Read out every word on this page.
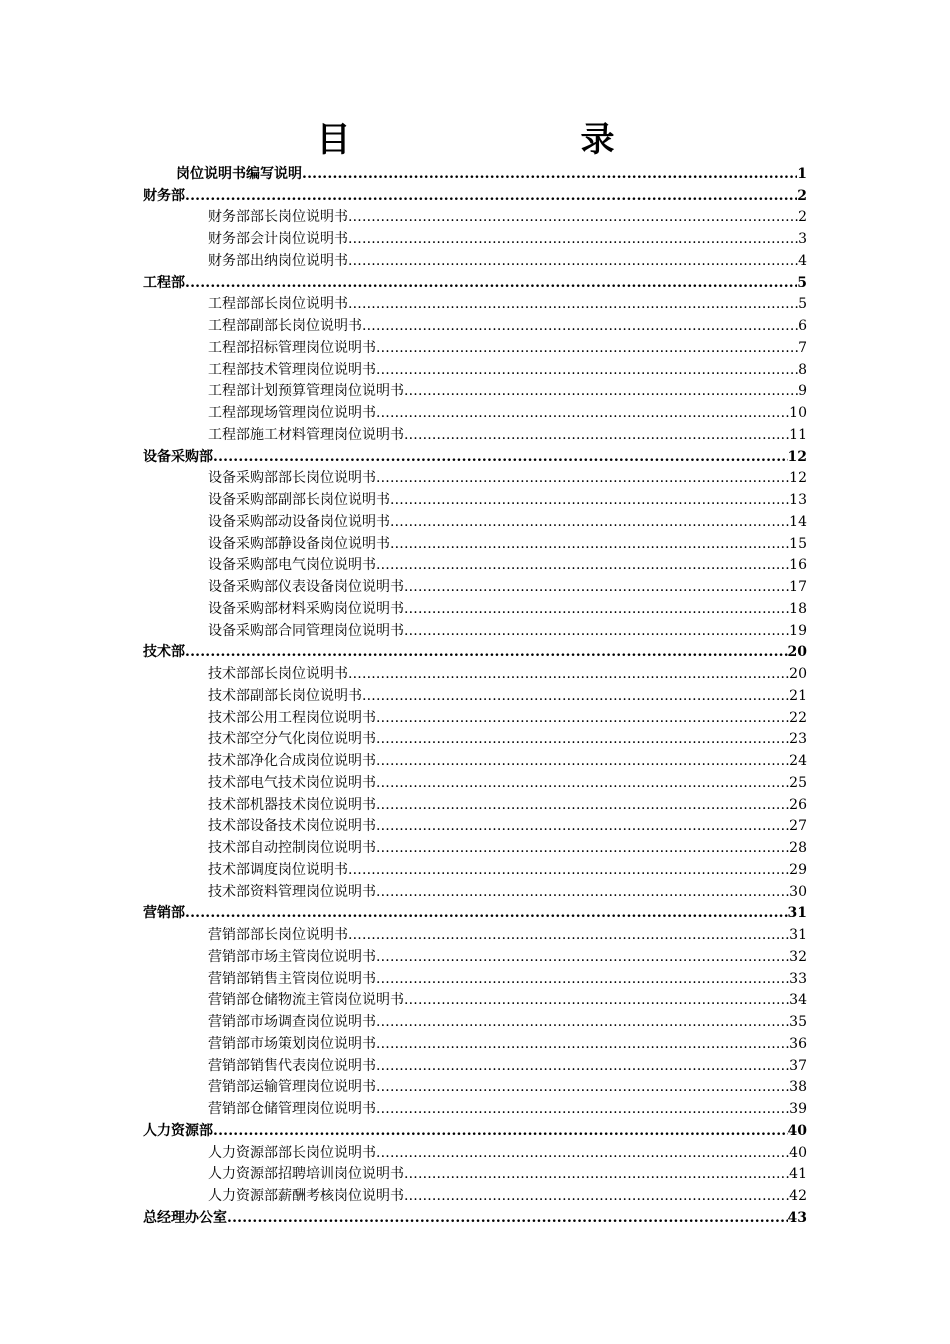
目　　录
岗位说明书编写说明 .....	1
财务部 .....	2
财务部部长岗位说明书 .....	2
财务部会计岗位说明书 .....	3
财务部出纳岗位说明书 .....	4
工程部 .....	5
工程部部长岗位说明书 .....	5
工程部副部长岗位说明书 .....	6
工程部招标管理岗位说明书 .....	7
工程部技术管理岗位说明书 .....	8
工程部计划预算管理岗位说明书 .....	9
工程部现场管理岗位说明书 .....	10
工程部施工材料管理岗位说明书 .....	11
设备采购部 .....	12
设备采购部部长岗位说明书 .....	12
设备采购部副部长岗位说明书 .....	13
设备采购部动设备岗位说明书 .....	14
设备采购部静设备岗位说明书 .....	15
设备采购部电气岗位说明书 .....	16
设备采购部仪表设备岗位说明书 .....	17
设备采购部材料采购岗位说明书 .....	18
设备采购部合同管理岗位说明书 .....	19
技术部 .....	20
技术部部长岗位说明书 .....	20
技术部副部长岗位说明书 .....	21
技术部公用工程岗位说明书 .....	22
技术部空分气化岗位说明书 .....	23
技术部净化合成岗位说明书 .....	24
技术部电气技术岗位说明书 .....	25
技术部机器技术岗位说明书 .....	26
技术部设备技术岗位说明书 .....	27
技术部自动控制岗位说明书 .....	28
技术部调度岗位说明书 .....	29
技术部资料管理岗位说明书 .....	30
营销部 .....	31
营销部部长岗位说明书 .....	31
营销部市场主管岗位说明书 .....	32
营销部销售主管岗位说明书 .....	33
营销部仓储物流主管岗位说明书 .....	34
营销部市场调查岗位说明书 .....	35
营销部市场策划岗位说明书 .....	36
营销部销售代表岗位说明书 .....	37
营销部运输管理岗位说明书 .....	38
营销部仓储管理岗位说明书 .....	39
人力资源部 .....	40
人力资源部部长岗位说明书 .....	40
人力资源部招聘培训岗位说明书 .....	41
人力资源部薪酬考核岗位说明书 .....	42
总经理办公室 .....	43
